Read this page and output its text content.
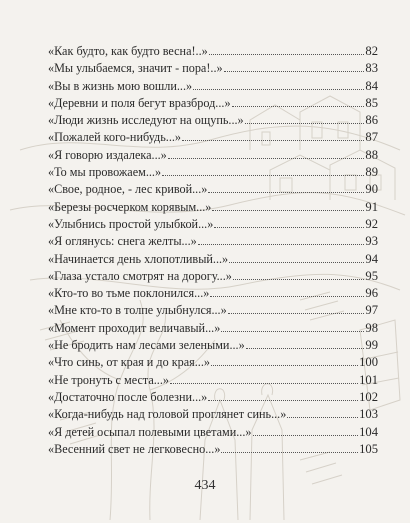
«Как будто, как будто весна!..»	82
«Мы улыбаемся, значит - пора!..»	83
«Вы в жизнь мою вошли...»	84
«Деревни и поля бегут вразброд...»	85
«Люди жизнь исследуют на ощупь...»	86
«Пожалей кого-нибудь...»	87
«Я говорю издалека...»	88
«То мы провожаем...»	89
«Свое, родное, - лес кривой...»	90
«Березы росчерком корявым...»	91
«Улыбнись простой улыбкой...»	92
«Я оглянусь: снега желты...»	93
«Начинается день хлопотливый...»	94
«Глаза устало смотрят на дорогу...»	95
«Кто-то во тьме поклонился...»	96
«Мне кто-то в толпе улыбнулся...»	97
«Момент проходит величавый...»	98
«Не бродить нам лесами зелеными...»	99
«Что синь, от края и до края...»	100
«Не тронуть с места...»	101
«Достаточно после болезни...»	102
«Когда-нибудь над головой проглянет синь...»	103
«Я детей осыпал полевыми цветами...»	104
«Весенний свет не легковесно...»	105
434
